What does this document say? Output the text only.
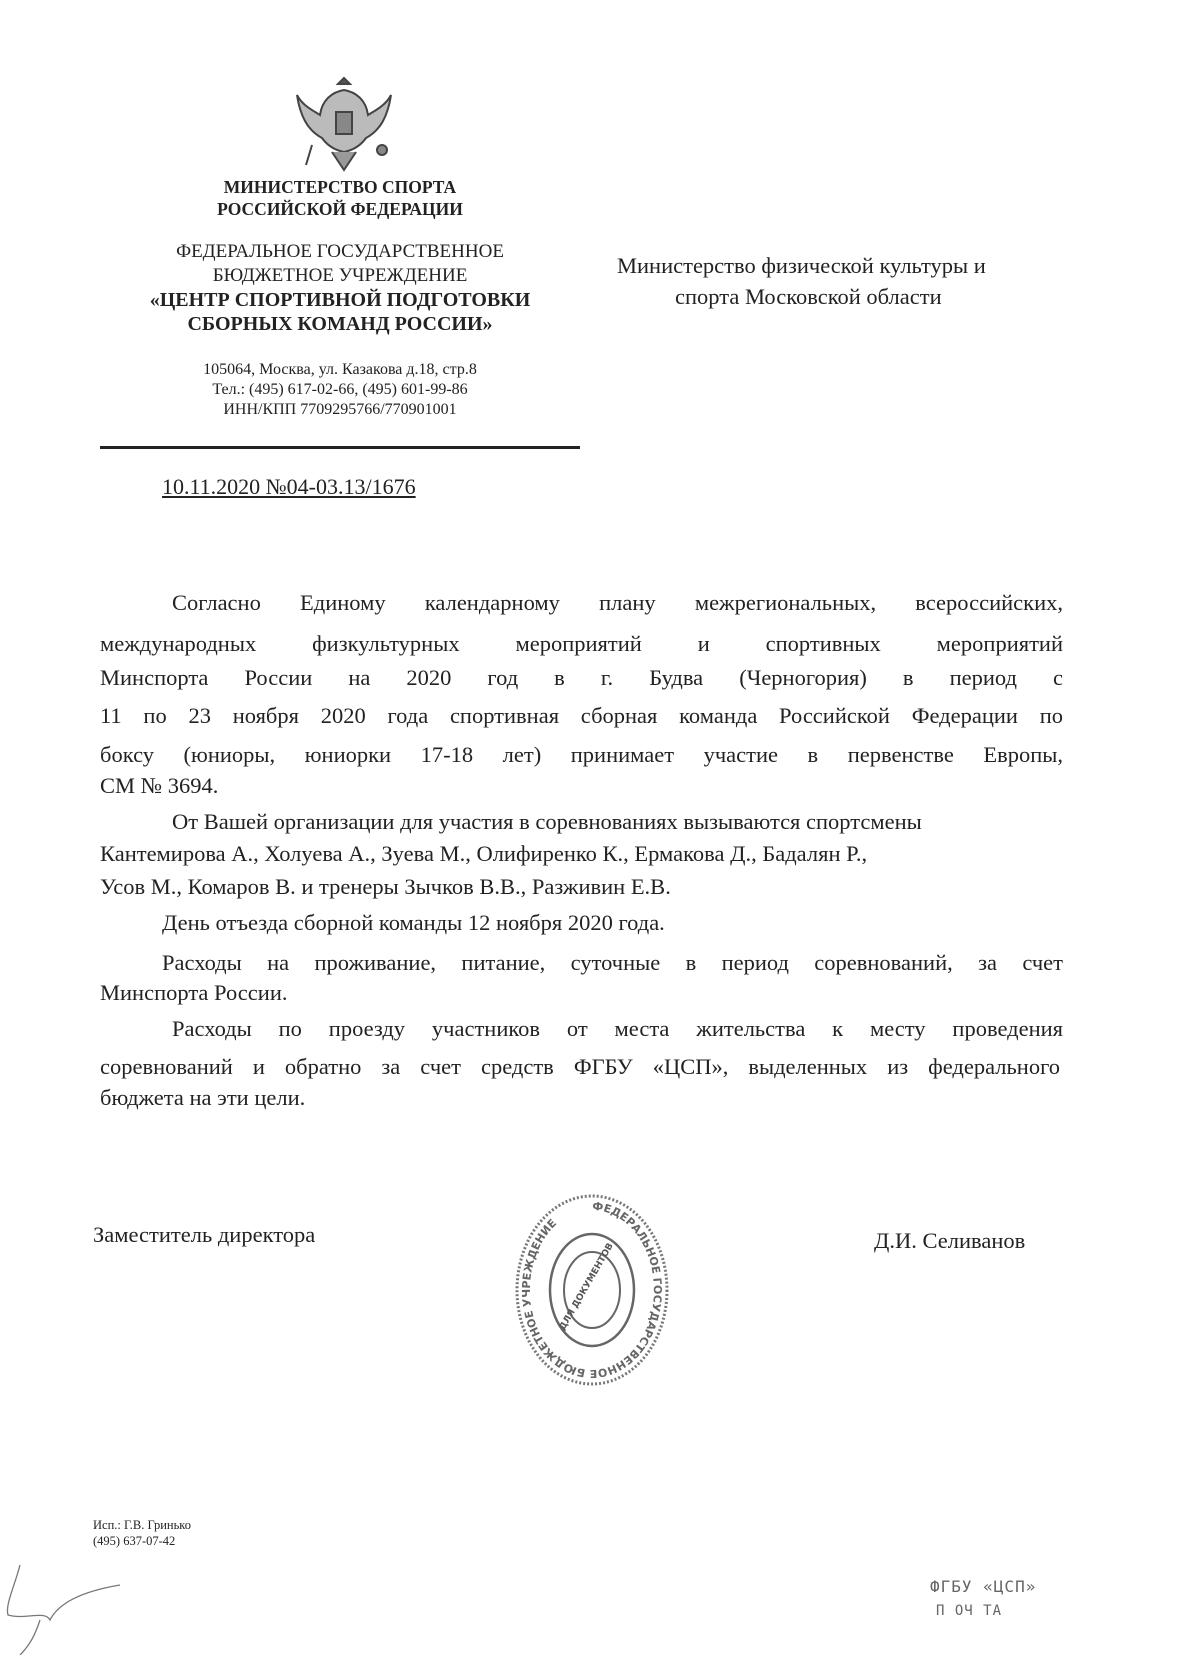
МИНИСТЕРСТВО СПОРТА
РОССИЙСКОЙ ФЕДЕРАЦИИ
ФЕДЕРАЛЬНОЕ ГОСУДАРСТВЕННОЕ
БЮДЖЕТНОЕ УЧРЕЖДЕНИЕ
«ЦЕНТР СПОРТИВНОЙ ПОДГОТОВКИ
СБОРНЫХ КОМАНД РОССИИ»
105064, Москва, ул. Казакова д.18, стр.8
Тел.: (495) 617-02-66, (495) 601-99-86
ИНН/КПП 7709295766/770901001
10.11.2020 №04-03.13/1676
Министерство физической культуры и
спорта Московской области
Согласно Единому календарному плану межрегиональных, всероссийских,
международных физкультурных мероприятий и спортивных мероприятий
Минспорта России на 2020 год в г. Будва (Черногория) в период с
11 по 23 ноября 2020 года спортивная сборная команда Российской Федерации по
боксу (юниоры, юниорки 17-18 лет) принимает участие в первенстве Европы,
СМ № 3694.
От Вашей организации для участия в соревнованиях вызываются спортсмены
Кантемирова А., Холуева А., Зуева М., Олифиренко К., Ермакова Д., Бадалян Р.,
Усов М., Комаров В. и тренеры Зычков В.В., Разживин Е.В.
День отъезда сборной команды 12 ноября 2020 года.
Расходы на проживание, питание, суточные в период соревнований, за счет
Минспорта России.
Расходы по проезду участников от места жительства к месту проведения
соревнований и обратно за счет средств ФГБУ «ЦСП», выделенных из федерального
бюджета на эти цели.
Заместитель директора	Д.И. Селиванов
ФЕДЕРАЛЬНОЕ ГОСУДАРСТВЕННОЕ БЮДЖЕТНОЕ УЧРЕЖДЕНИЕ
ДЛЯ ДОКУМЕНТОВ
Исп.: Г.В. Гринько
(495) 637-07-42
ФГБУ «ЦСП»
П ОЧ ТА
